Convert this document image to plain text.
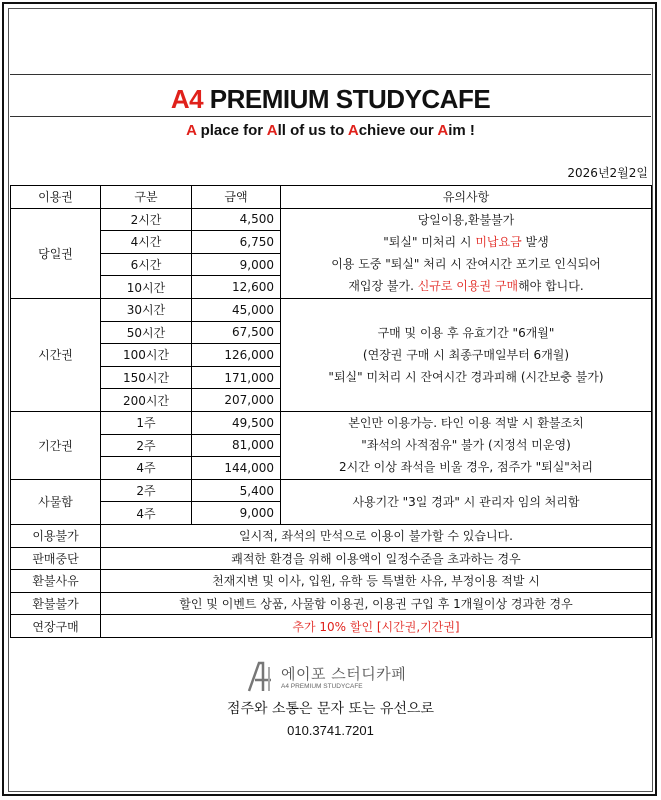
A4 PREMIUM STUDYCAFE
A place for All of us to Achieve our Aim !
2026년2월2일
이용권	구분	금액	유의사항
당일권	2시간	4,500	당일이용,환불불가
"퇴실" 미처리 시 미납요금 발생
이용 도중 "퇴실" 처리 시 잔여시간 포기로 인식되어
재입장 불가. 신규로 이용권 구매해야 합니다.

	4시간	6,750	
	6시간	9,000	
	10시간	12,600	
시간권	30시간	45,000	구매 및 이용 후 유효기간 "6개월"
(연장권 구매 시 최종구매일부터 6개월)
"퇴실" 미처리 시 잔여시간 경과피해 (시간보충 불가)

	50시간	67,500	
	100시간	126,000	
	150시간	171,000	
	200시간	207,000	
기간권	1주	49,500	본인만 이용가능. 타인 이용 적발 시 환불조치
"좌석의 사적점유" 불가 (지정석 미운영)
2시간 이상 좌석을 비울 경우, 점주가 "퇴실"처리

	2주	81,000	
	4주	144,000	
사물함	2주	5,400	사용기간 "3일 경과" 시 관리자 임의 처리함

	4주	9,000	
이용불가	일시적, 좌석의 만석으로 이용이 불가할 수 있습니다.		
판매중단	쾌적한 환경을 위해 이용액이 일정수준을 초과하는 경우		
환불사유	천재지변 및 이사, 입원, 유학 등 특별한 사유, 부정이용 적발 시		
환불불가	할인 및 이벤트 상품, 사물함 이용권, 이용권 구입 후 1개월이상 경과한 경우		
연장구매	추가 10% 할인 [시간권,기간권]		
에이포 스터디카페
A4 PREMIUM STUDYCAFE
점주와 소통은 문자 또는 유선으로
010.3741.7201
